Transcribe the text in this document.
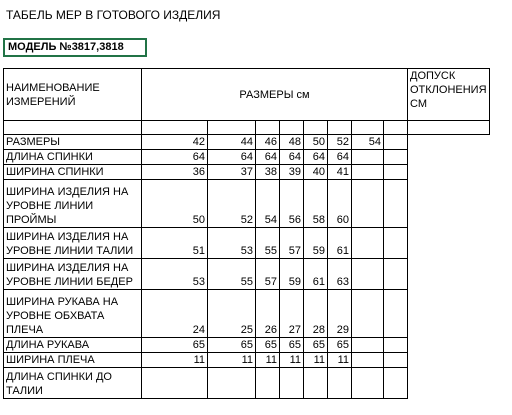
ТАБЕЛЬ МЕР В ГОТОВОГО ИЗДЕЛИЯ
МОДЕЛЬ №3817,3818
НАИМЕНОВАНИЕ ИЗМЕРЕНИЙ	РАЗМЕРЫ см								ДОПУСК ОТКЛОНЕНИЯ СМ

РАЗМЕРЫ	42	44	46	48	50	52	54		
ДЛИНА СПИНКИ	64	64	64	64	64	64			
ШИРИНА СПИНКИ	36	37	38	39	40	41			
ШИРИНА ИЗДЕЛИЯ НА УРОВНЕ ЛИНИИ ПРОЙМЫ	50	52	54	56	58	60			
ШИРИНА ИЗДЕЛИЯ НА УРОВНЕ ЛИНИИ ТАЛИИ	51	53	55	57	59	61			
ШИРИНА ИЗДЕЛИЯ НА УРОВНЕ ЛИНИИ БЕДЕР	53	55	57	59	61	63			
ШИРИНА РУКАВА НА УРОВНЕ ОБХВАТА ПЛЕЧА	24	25	26	27	28	29			
ДЛИНА РУКАВА	65	65	65	65	65	65			
ШИРИНА ПЛЕЧА	11	11	11	11	11	11			
ДЛИНА СПИНКИ ДО ТАЛИИ									
